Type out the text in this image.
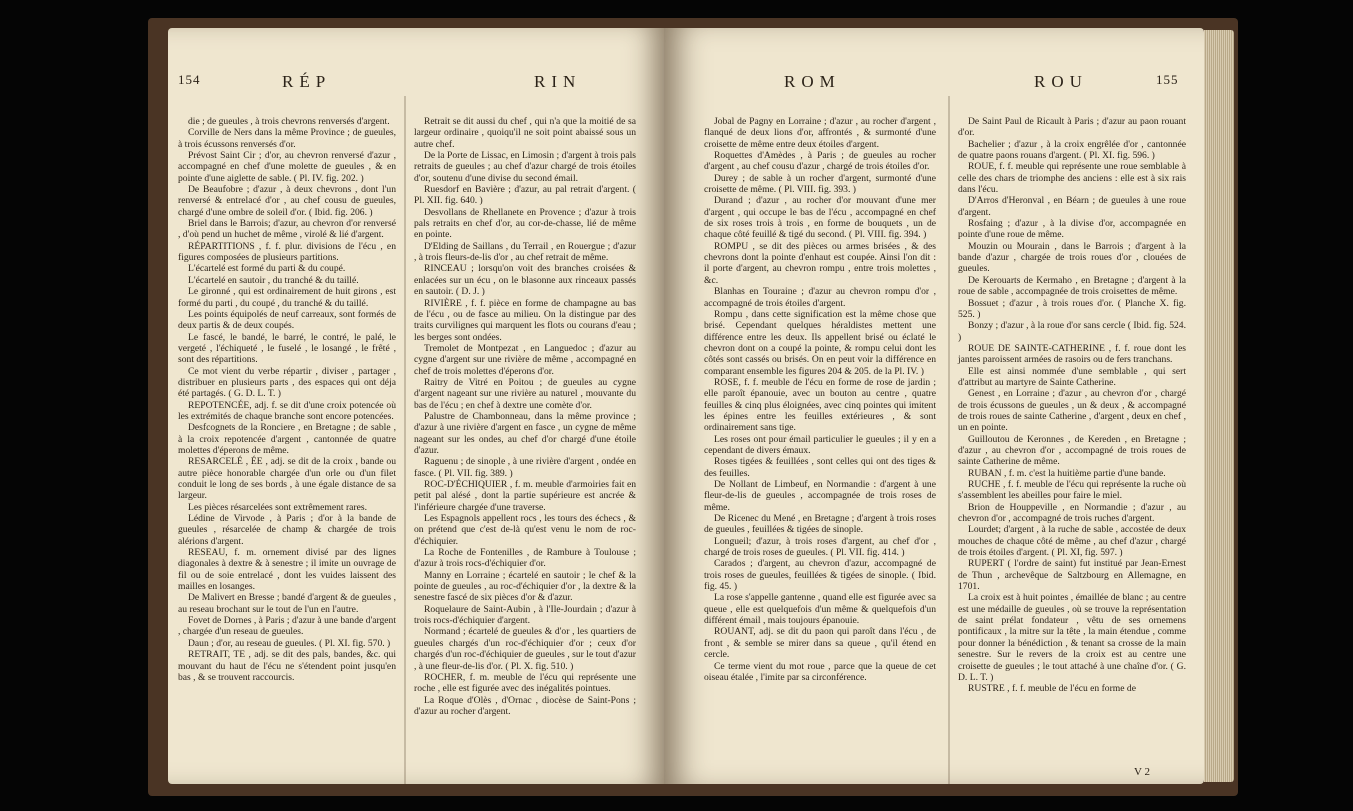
154	RÉP	RIN

die ; de gueules , à trois chevrons renversés d'argent.

Corville de Ners dans la même Province ; de gueules, à trois écussons renversés d'or.

Prévost Saint Cir ; d'or, au chevron renversé d'azur , accompagné en chef d'une molette de gueules , & en pointe d'une aiglette de sable. ( Pl. IV. fig. 202. )

De Beaufobre ; d'azur , à deux chevrons , dont l'un renversé & entrelacé d'or , au chef cousu de gueules, chargé d'une ombre de soleil d'or. ( Ibid. fig. 206. )

Briel dans le Barrois; d'azur, au chevron d'or renversé , d'où pend un huchet de même , virolé & lié d'argent.

RÉPARTITIONS , f. f. plur. divisions de l'écu , en figures composées de plusieurs partitions.

L'écartelé est formé du parti & du coupé.

L'écartelé en sautoir , du tranché & du taillé.

Le gironné , qui est ordinairement de huit girons , est formé du parti , du coupé , du tranché & du taillé.

Les points équipolés de neuf carreaux, sont formés de deux partis & de deux coupés.

Le fascé, le bandé, le barré, le contré, le palé, le vergeté , l'échiqueté , le fuselé , le losangé , le frêté , sont des répartitions.

Ce mot vient du verbe répartir , diviser , partager , distribuer en plusieurs parts , des espaces qui ont déja été partagés. ( G. D. L. T. )

REPOTENCÉE, adj. f. se dit d'une croix potencée où les extrémités de chaque branche sont encore potencées.

Desfcognets de la Ronciere , en Bretagne ; de sable , à la croix repotencée d'argent , cantonnée de quatre molettes d'éperons de même.

RESARCELÉ , ÉE , adj. se dit de la croix , bande ou autre pièce honorable chargée d'un orle ou d'un filet conduit le long de ses bords , à une égale distance de sa largeur.

Les pièces résarcelées sont extrêmement rares.

Lédine de Virvode , à Paris ; d'or à la bande de gueules , résarcelée de champ & chargée de trois alérions d'argent.

RESEAU, f. m. ornement divisé par des lignes diagonales à dextre & à senestre ; il imite un ouvrage de fil ou de soie entrelacé , dont les vuides laissent des mailles en losanges.

De Malivert en Bresse ; bandé d'argent & de gueules , au reseau brochant sur le tout de l'un en l'autre.

Fovet de Dornes , à Paris ; d'azur à une bande d'argent , chargée d'un reseau de gueules.

Daun ; d'or, au reseau de gueules. ( Pl. XI. fig. 570. )

RETRAIT, TE , adj. se dit des pals, bandes, &c. qui mouvant du haut de l'écu ne s'étendent point jusqu'en bas , & se trouvent raccourcis.

Retrait se dit aussi du chef , qui n'a que la moitié de sa largeur ordinaire , quoiqu'il ne soit point abaissé sous un autre chef.

De la Porte de Lissac, en Limosin ; d'argent à trois pals retraits de gueules ; au chef d'azur chargé de trois étoiles d'or, soutenu d'une divise du second émail.

Ruesdorf en Bavière ; d'azur, au pal retrait d'argent. ( Pl. XII. fig. 640. )

Desvollans de Rhellanete en Provence ; d'azur à trois pals retraits en chef d'or, au cor-de-chasse, lié de même en pointe.

D'Elding de Saillans , du Terrail , en Rouergue ; d'azur , à trois fleurs-de-lis d'or , au chef retrait de même.

RINCEAU ; lorsqu'on voit des branches croisées & enlacées sur un écu , on le blasonne aux rinceaux passés en sautoir. ( D. J. )

RIVIÈRE , f. f. pièce en forme de champagne au bas de l'écu , ou de fasce au milieu. On la distingue par des traits curvilignes qui marquent les flots ou courans d'eau ; les berges sont ondées.

Tremolet de Montpezat , en Languedoc ; d'azur au cygne d'argent sur une rivière de même , accompagné en chef de trois molettes d'éperons d'or.

Raitry de Vitré en Poitou ; de gueules au cygne d'argent nageant sur une rivière au naturel , mouvante du bas de l'écu ; en chef à dextre une comète d'or.

Palustre de Chambonneau, dans la même province ; d'azur à une rivière d'argent en fasce , un cygne de même nageant sur les ondes, au chef d'or chargé d'une étoile d'azur.

Raguenu ; de sinople , à une rivière d'argent , ondée en fasce. ( Pl. VII. fig. 389. )

ROC-D'ÉCHIQUIER , f. m. meuble d'armoiries fait en petit pal alésé , dont la partie supérieure est ancrée & l'inférieure chargée d'une traverse.

Les Espagnols appellent rocs , les tours des échecs , & on prétend que c'est de-là qu'est venu le nom de roc-d'échiquier.

La Roche de Fontenilles , de Rambure à Toulouse ; d'azur à trois rocs-d'échiquier d'or.

Manny en Lorraine ; écartelé en sautoir ; le chef & la pointe de gueules , au roc-d'échiquier d'or , la dextre & la senestre fascé de six pièces d'or & d'azur.

Roquelaure de Saint-Aubin , à l'Ile-Jourdain ; d'azur à trois rocs-d'échiquier d'argent.

Normand ; écartelé de gueules & d'or , les quartiers de gueules chargés d'un roc-d'échiquier d'or ; ceux d'or chargés d'un roc-d'échiquier de gueules , sur le tout d'azur , à une fleur-de-lis d'or. ( Pl. X. fig. 510. )

ROCHER, f. m. meuble de l'écu qui représente une roche , elle est figurée avec des inégalités pointues.

La Roque d'Olès , d'Ornac , diocèse de Saint-Pons ; d'azur au rocher d'argent.

ROM	ROU	155

Jobal de Pagny en Lorraine ; d'azur , au rocher d'argent , flanqué de deux lions d'or, affrontés , & surmonté d'une croisette de même entre deux étoiles d'argent.

Roquettes d'Amèdes , à Paris ; de gueules au rocher d'argent , au chef cousu d'azur , chargé de trois étoiles d'or.

Durey ; de sable à un rocher d'argent, surmonté d'une croisette de même. ( Pl. VIII. fig. 393. )

Durand ; d'azur , au rocher d'or mouvant d'une mer d'argent , qui occupe le bas de l'écu , accompagné en chef de six roses trois à trois , en forme de bouquets , un de chaque côté feuillé & tigé du second. ( Pl. VIII. fig. 394. )

ROMPU , se dit des pièces ou armes brisées , & des chevrons dont la pointe d'enhaut est coupée. Ainsi l'on dit : il porte d'argent, au chevron rompu , entre trois molettes , &c.

Blanhas en Touraine ; d'azur au chevron rompu d'or , accompagné de trois étoiles d'argent.

Rompu , dans cette signification est la même chose que brisé. Cependant quelques héraldistes mettent une différence entre les deux. Ils appellent brisé ou éclaté le chevron dont on a coupé la pointe, & rompu celui dont les côtés sont cassés ou brisés. On en peut voir la différence en comparant ensemble les figures 204 & 205. de la Pl. IV. )

ROSE, f. f. meuble de l'écu en forme de rose de jardin ; elle paroît épanouie, avec un bouton au centre , quatre feuilles & cinq plus éloignées, avec cinq pointes qui imitent les épines entre les feuilles extérieures , & sont ordinairement sans tige.

Les roses ont pour émail particulier le gueules ; il y en a cependant de divers émaux.

Roses tigées & feuillées , sont celles qui ont des tiges & des feuilles.

De Nollant de Limbeuf, en Normandie : d'argent à une fleur-de-lis de gueules , accompagnée de trois roses de même.

De Ricenec du Mené , en Bretagne ; d'argent à trois roses de gueules , feuillées & tigées de sinople.

Longueil; d'azur, à trois roses d'argent, au chef d'or , chargé de trois roses de gueules. ( Pl. VII. fig. 414. )

Carados ; d'argent, au chevron d'azur, accompagné de trois roses de gueules, feuillées & tigées de sinople. ( Ibid. fig. 45. )

La rose s'appelle gantenne , quand elle est figurée avec sa queue , elle est quelquefois d'un même & quelquefois d'un différent émail , mais toujours épanouie.

ROUANT, adj. se dit du paon qui paroît dans l'écu , de front , & semble se mirer dans sa queue , qu'il étend en cercle.

Ce terme vient du mot roue , parce que la queue de cet oiseau étalée , l'imite par sa circonférence.

De Saint Paul de Ricault à Paris ; d'azur au paon rouant d'or.

Bachelier ; d'azur , à la croix engrêlée d'or , cantonnée de quatre paons rouans d'argent. ( Pl. XI. fig. 596. )

ROUE, f. f. meuble qui représente une roue semblable à celle des chars de triomphe des anciens : elle est à six rais dans l'écu.

D'Arros d'Heronval , en Béarn ; de gueules à une roue d'argent.

Rosfaing ; d'azur , à la divise d'or, accompagnée en pointe d'une roue de même.

Mouzin ou Mourain , dans le Barrois ; d'argent à la bande d'azur , chargée de trois roues d'or , clouées de gueules.

De Kerouarts de Kermaho , en Bretagne ; d'argent à la roue de sable , accompagnée de trois croisettes de même.

Bossuet ; d'azur , à trois roues d'or. ( Planche X. fig. 525. )

Bonzy ; d'azur , à la roue d'or sans cercle ( Ibid. fig. 524. )

ROUE DE SAINTE-CATHERINE , f. f. roue dont les jantes paroissent armées de rasoirs ou de fers tranchans.

Elle est ainsi nommée d'une semblable , qui sert d'attribut au martyre de Sainte Catherine.

Genest , en Lorraine ; d'azur , au chevron d'or , chargé de trois écussons de gueules , un & deux , & accompagné de trois roues de sainte Catherine , d'argent , deux en chef , un en pointe.

Guilloutou de Keronnes , de Kereden , en Bretagne ; d'azur , au chevron d'or , accompagné de trois roues de sainte Catherine de même.

RUBAN , f. m. c'est la huitième partie d'une bande.

RUCHE , f. f. meuble de l'écu qui représente la ruche où s'assemblent les abeilles pour faire le miel.

Brion de Houppeville , en Normandie ; d'azur , au chevron d'or , accompagné de trois ruches d'argent.

Lourdet; d'argent , à la ruche de sable , accostée de deux mouches de chaque côté de même , au chef d'azur , chargé de trois étoiles d'argent. ( Pl. XI, fig. 597. )

RUPERT ( l'ordre de saint) fut institué par Jean-Ernest de Thun , archevêque de Saltzbourg en Allemagne, en 1701.

La croix est à huit pointes , émaillée de blanc ; au centre est une médaille de gueules , où se trouve la représentation de saint prélat fondateur , vêtu de ses ornemens pontificaux , la mitre sur la tête , la main étendue , comme pour donner la bénédiction , & tenant sa crosse de la main senestre. Sur le revers de la croix est au centre une croisette de gueules ; le tout attaché à une chaîne d'or. ( G. D. L. T. )

RUSTRE , f. f. meuble de l'écu en forme de

V 2
